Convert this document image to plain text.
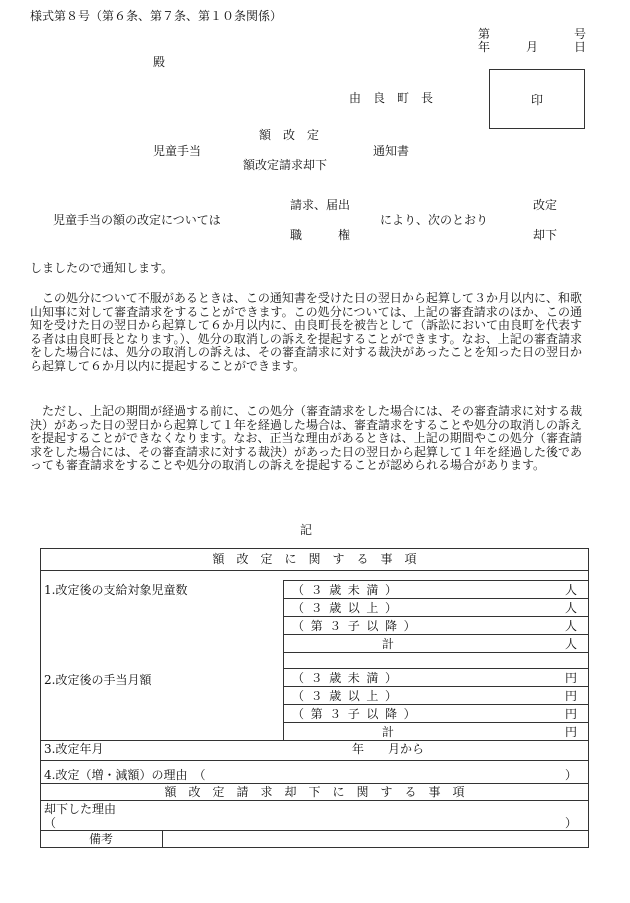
様式第８号（第６条、第７条、第１０条関係）
第　　　　　　　号
年　　　月　　　日
殿
由　良　町　長	印
額　改　定
児童手当	通知書
額改定請求却下
請求、届出	改定
児童手当の額の改定については	により、次のとおり
職　　　権	却下
しましたので通知します。
この処分について不服があるときは、この通知書を受けた日の翌日から起算して３か月以内に、和歌山知事に対して審査請求をすることができます。この処分については、上記の審査請求のほか、この通知を受けた日の翌日から起算して６か月以内に、由良町長を被告として（訴訟において由良町を代表する者は由良町長となります。）、処分の取消しの訴えを提起することができます。なお、上記の審査請求をした場合には、処分の取消しの訴えは、その審査請求に対する裁決があったことを知った日の翌日から起算して６か月以内に提起することができます。
ただし、上記の期間が経過する前に、この処分（審査請求をした場合には、その審査請求に対する裁決）があった日の翌日から起算して１年を経過した場合は、審査請求をすることや処分の取消しの訴えを提起することができなくなります。なお、正当な理由があるときは、上記の期間やこの処分（審査請求をした場合には、その審査請求に対する裁決）があった日の翌日から起算して１年を経過した後であっても審査請求をすることや処分の取消しの訴えを提起することが認められる場合があります。
記
額　改　定　に　関　す　る　事　項
1.改定後の支給対象児童数	（３歳未満）	人
（３歳以上）	人
（第３子以降）	人
計	人
2.改定後の手当月額	（３歳未満）	円
（３歳以上）	円
（第３子以降）	円
計	円
3.改定年月	年　　月から
4.改定（増・減額）の理由　（	）
額　改　定　請　求　却　下　に　関　す　る　事　項
却下した理由
（	）
備考
